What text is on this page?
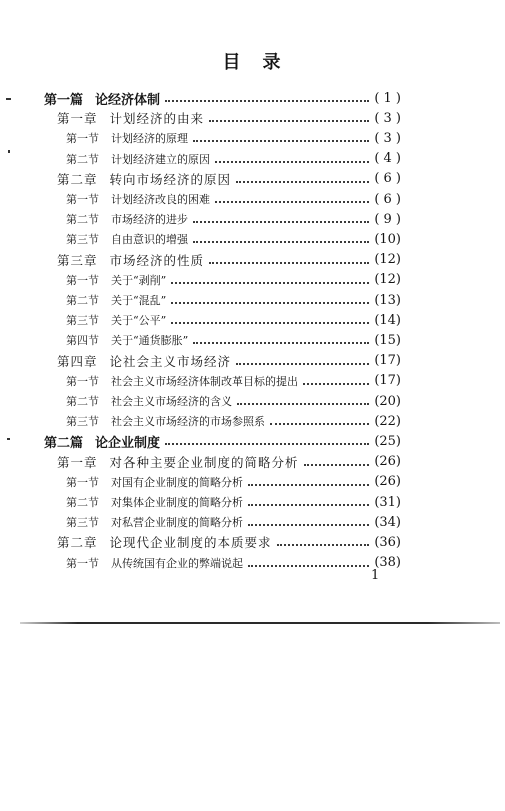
目　录
第一篇 论经济体制	( 1 )
第一章 计划经济的由来	( 3 )
第一节 计划经济的原理	( 3 )
第二节 计划经济建立的原因	( 4 )
第二章 转向市场经济的原因	( 6 )
第一节 计划经济改良的困难	( 6 )
第二节 市场经济的进步	( 9 )
第三节 自由意识的增强	(10)
第三章 市场经济的性质	(12)
第一节 关于“剥削”	(12)
第二节 关于“混乱”	(13)
第三节 关于“公平”	(14)
第四节 关于“通货膨胀”	(15)
第四章 论社会主义市场经济	(17)
第一节 社会主义市场经济体制改革目标的提出	(17)
第二节 社会主义市场经济的含义	(20)
第三节 社会主义市场经济的市场参照系	(22)
第二篇 论企业制度	(25)
第一章 对各种主要企业制度的简略分析	(26)
第一节 对国有企业制度的简略分析	(26)
第二节 对集体企业制度的简略分析	(31)
第三节 对私营企业制度的简略分析	(34)
第二章 论现代企业制度的本质要求	(36)
第一节 从传统国有企业的弊端说起	(38)
1
